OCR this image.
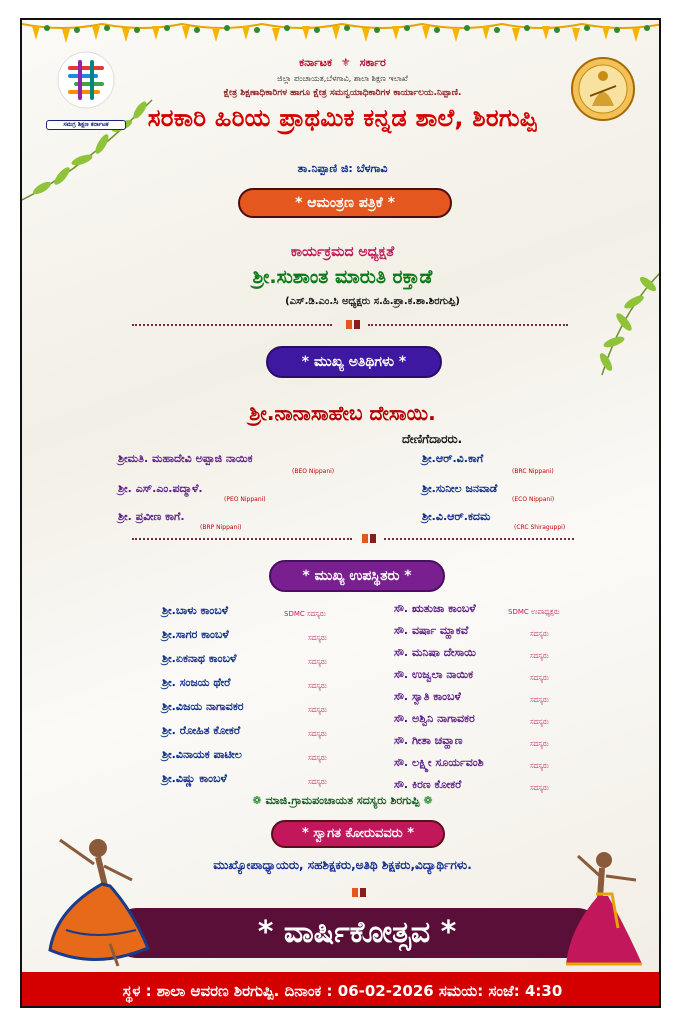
ಸಮಗ್ರ ಶಿಕ್ಷಣ ಕರ್ನಾಟಕ
ಕರ್ನಾಟಕ ⚜ ಸರ್ಕಾರ
ಜಿಲ್ಲಾ ಪಂಚಾಯತ,ಬೆಳಗಾವಿ, ಶಾಲಾ ಶಿಕ್ಷಣ ಇಲಾಖೆ
ಕ್ಷೇತ್ರ ಶಿಕ್ಷಣಾಧಿಕಾರಿಗಳ ಹಾಗೂ ಕ್ಷೇತ್ರ ಸಮನ್ವಯಾಧಿಕಾರಿಗಳ ಕಾರ್ಯಾಲಯ.ನಿಪ್ಪಾಣಿ.
ಸರಕಾರಿ ಹಿರಿಯ ಪ್ರಾಥಮಿಕ ಕನ್ನಡ ಶಾಲೆ, ಶಿರಗುಪ್ಪಿ
ತಾ.ನಿಪ್ಪಾಣಿ ಜಿ: ಬೆಳಗಾವಿ
* ಆಮಂತ್ರಣ ಪತ್ರಿಕೆ *
ಕಾರ್ಯಕ್ರಮದ ಅಧ್ಯಕ್ಷತೆ
ಶ್ರೀ.ಸುಶಾಂತ ಮಾರುತಿ ರಕ್ತಾಡೆ
(ಎಸ್.ಡಿ.ಎಂ.ಸಿ ಅಧ್ಯಕ್ಷರು ಸ.ಹಿ.ಪ್ರಾ.ಕ.ಶಾ.ಶಿರಗುಪ್ಪಿ)
* ಮುಖ್ಯ ಅತಿಥಿಗಳು *
ಶ್ರೀ.ನಾನಾಸಾಹೇಬ ದೇಸಾಯಿ.
ದೇಣಿಗೆದಾರರು.
ಶ್ರೀಮತಿ. ಮಹಾದೇವಿ ಅಪ್ಪಾಜಿ ನಾಯಿಕ
(BEO Nippani)
ಶ್ರೀ.ಆರ್.ವಿ.ಕಾಗೆ
(BRC Nippani)
ಶ್ರೀ. ಎಸ್.ಎಂ.ಪದ್ಮಾಳೆ.
(PEO Nippani)
ಶ್ರೀ.ಸುನೀಲ ಜನವಾಡೆ
(ECO Nippani)
ಶ್ರೀ. ಪ್ರವೀಣ ಕಾಗೆ.
(BRP Nippani)
ಶ್ರೀ.ವಿ.ಆರ್.ಕದಮ
(CRC Shiraguppi)
* ಮುಖ್ಯ ಉಪಸ್ಥಿತರು *
ಶ್ರೀ.ಬಾಳು ಕಾಂಬಳೆ	SDMC ಸದಸ್ಯರು
ಶ್ರೀ.ಸಾಗರ ಕಾಂಬಳೆ	ಸದಸ್ಯರು
ಶ್ರೀ.ಏಕನಾಥ ಕಾಂಬಳೆ	ಸದಸ್ಯರು
ಶ್ರೀ. ಸಂಜಯ ಥೇರೆ	ಸದಸ್ಯರು
ಶ್ರೀ.ವಿಜಯ ನಾಗಾವಕರ	ಸದಸ್ಯರು
ಶ್ರೀ. ರೋಹಿತ ಕೋಕರೆ	ಸದಸ್ಯರು
ಶ್ರೀ.ವಿನಾಯಕ ಪಾಟೀಲ	ಸದಸ್ಯರು
ಶ್ರೀ.ವಿಷ್ಣು ಕಾಂಬಳೆ	ಸದಸ್ಯರು
ಸೌ. ಋತುಜಾ ಕಾಂಬಳೆ	SDMC ಉಪಾಧ್ಯಕ್ಷರು
ಸೌ. ವರ್ಷಾ ಮ್ಹಾಕವೆ	ಸದಸ್ಯರು
ಸೌ. ಮನಿಷಾ ದೇಸಾಯಿ	ಸದಸ್ಯರು
ಸೌ. ಉಜ್ವಲಾ ನಾಯಿಕ	ಸದಸ್ಯರು
ಸೌ. ಸ್ವಾತಿ ಕಾಂಬಳೆ	ಸದಸ್ಯರು
ಸೌ. ಅಶ್ವಿನಿ ನಾಗಾವಕರ	ಸದಸ್ಯರು
ಸೌ. ಗೀತಾ ಚವ್ಹಾಣ	ಸದಸ್ಯರು
ಸೌ. ಲಕ್ಷ್ಮೀ ಸೂರ್ಯವಂಶಿ	ಸದಸ್ಯರು
ಸೌ. ಕಿರಣ ಕೋಕರೆ	ಸದಸ್ಯರು
❁ ಮಾಜಿ.ಗ್ರಾಮಪಂಚಾಯತ ಸದಸ್ಯರು ಶಿರಗುಪ್ಪಿ ❁
* ಸ್ವಾಗತ ಕೋರುವವರು *
ಮುಖ್ಯೋಪಾಧ್ಯಾಯರು, ಸಹಶಿಕ್ಷಕರು,ಅತಿಥಿ ಶಿಕ್ಷಕರು,ವಿದ್ಯಾರ್ಥಿಗಳು.
* ವಾರ್ಷಿಕೋತ್ಸವ *
ಸ್ಥಳ : ಶಾಲಾ ಆವರಣ ಶಿರಗುಪ್ಪಿ. ದಿನಾಂಕ : 06-02-2026 ಸಮಯ: ಸಂಜೆ: 4:30
